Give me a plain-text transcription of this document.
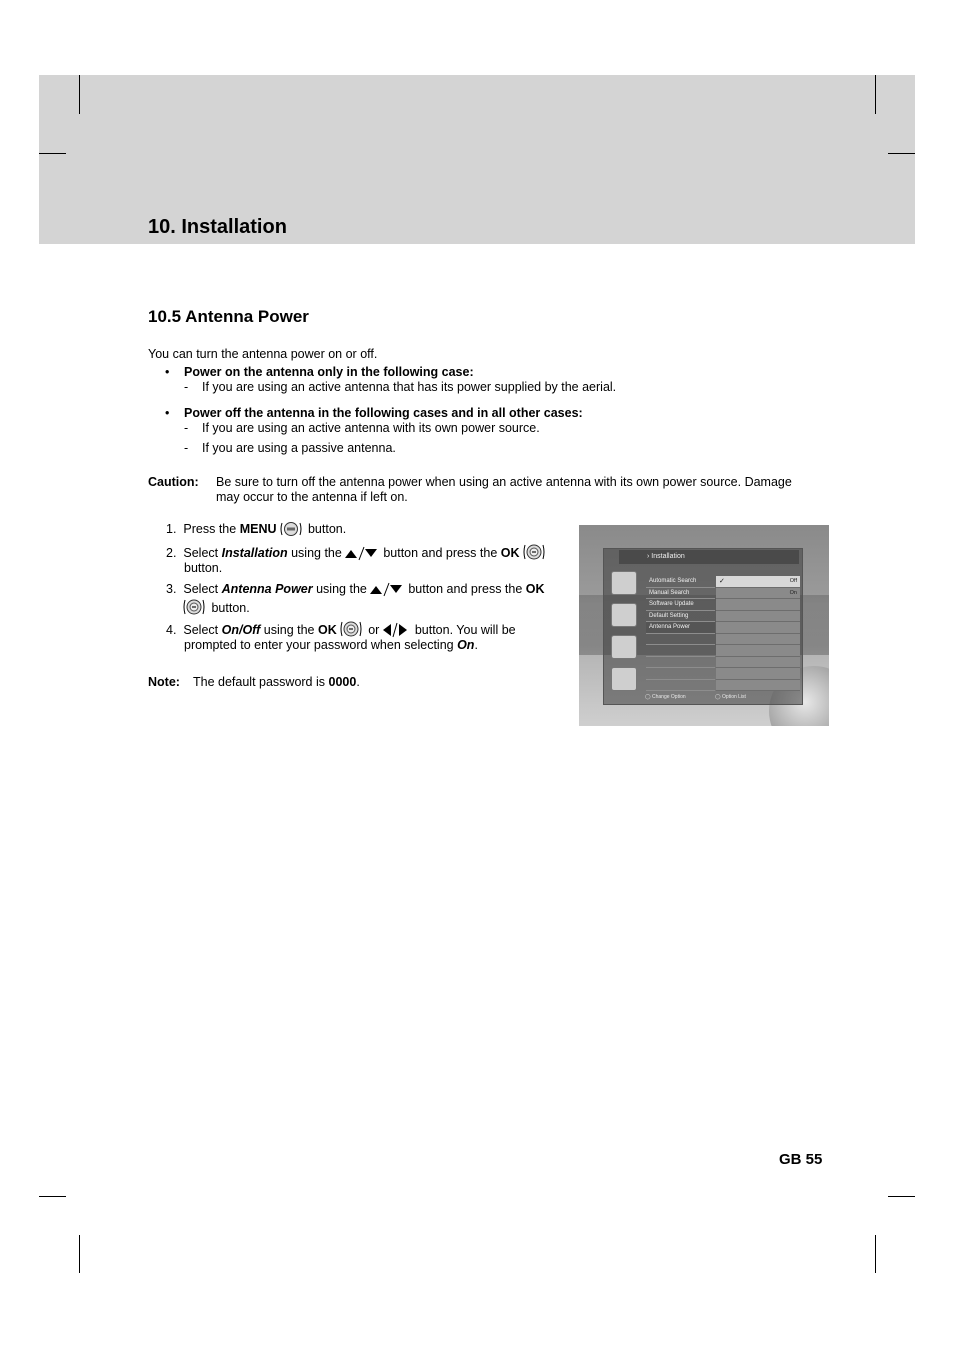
10. Installation
10.5 Antenna Power
You can turn the antenna power on or off.
• Power on the antenna only in the following case:
- If you are using an active antenna that has its power supplied by the aerial.
• Power off the antenna in the following cases and in all other cases:
- If you are using an active antenna with its own power source.
- If you are using a passive antenna.
Caution: Be sure to turn off the antenna power when using an active antenna with its own power source. Damage
may occur to the antenna if left on.
1. Press the MENU	button.
2. Select Installation using the	button and press the OK
button.
3. Select Antenna Power using the	button and press the OK
button.
4. Select On/Off using the OK	or	button. You will be
prompted to enter your password when selecting On.
Note: The default password is 0000.
› Installation
Automatic Search
Manual Search
Software Update
Default Setting
Antenna Power
✓	Off
On
◯ Change Option	◯ Option List
GB 55
